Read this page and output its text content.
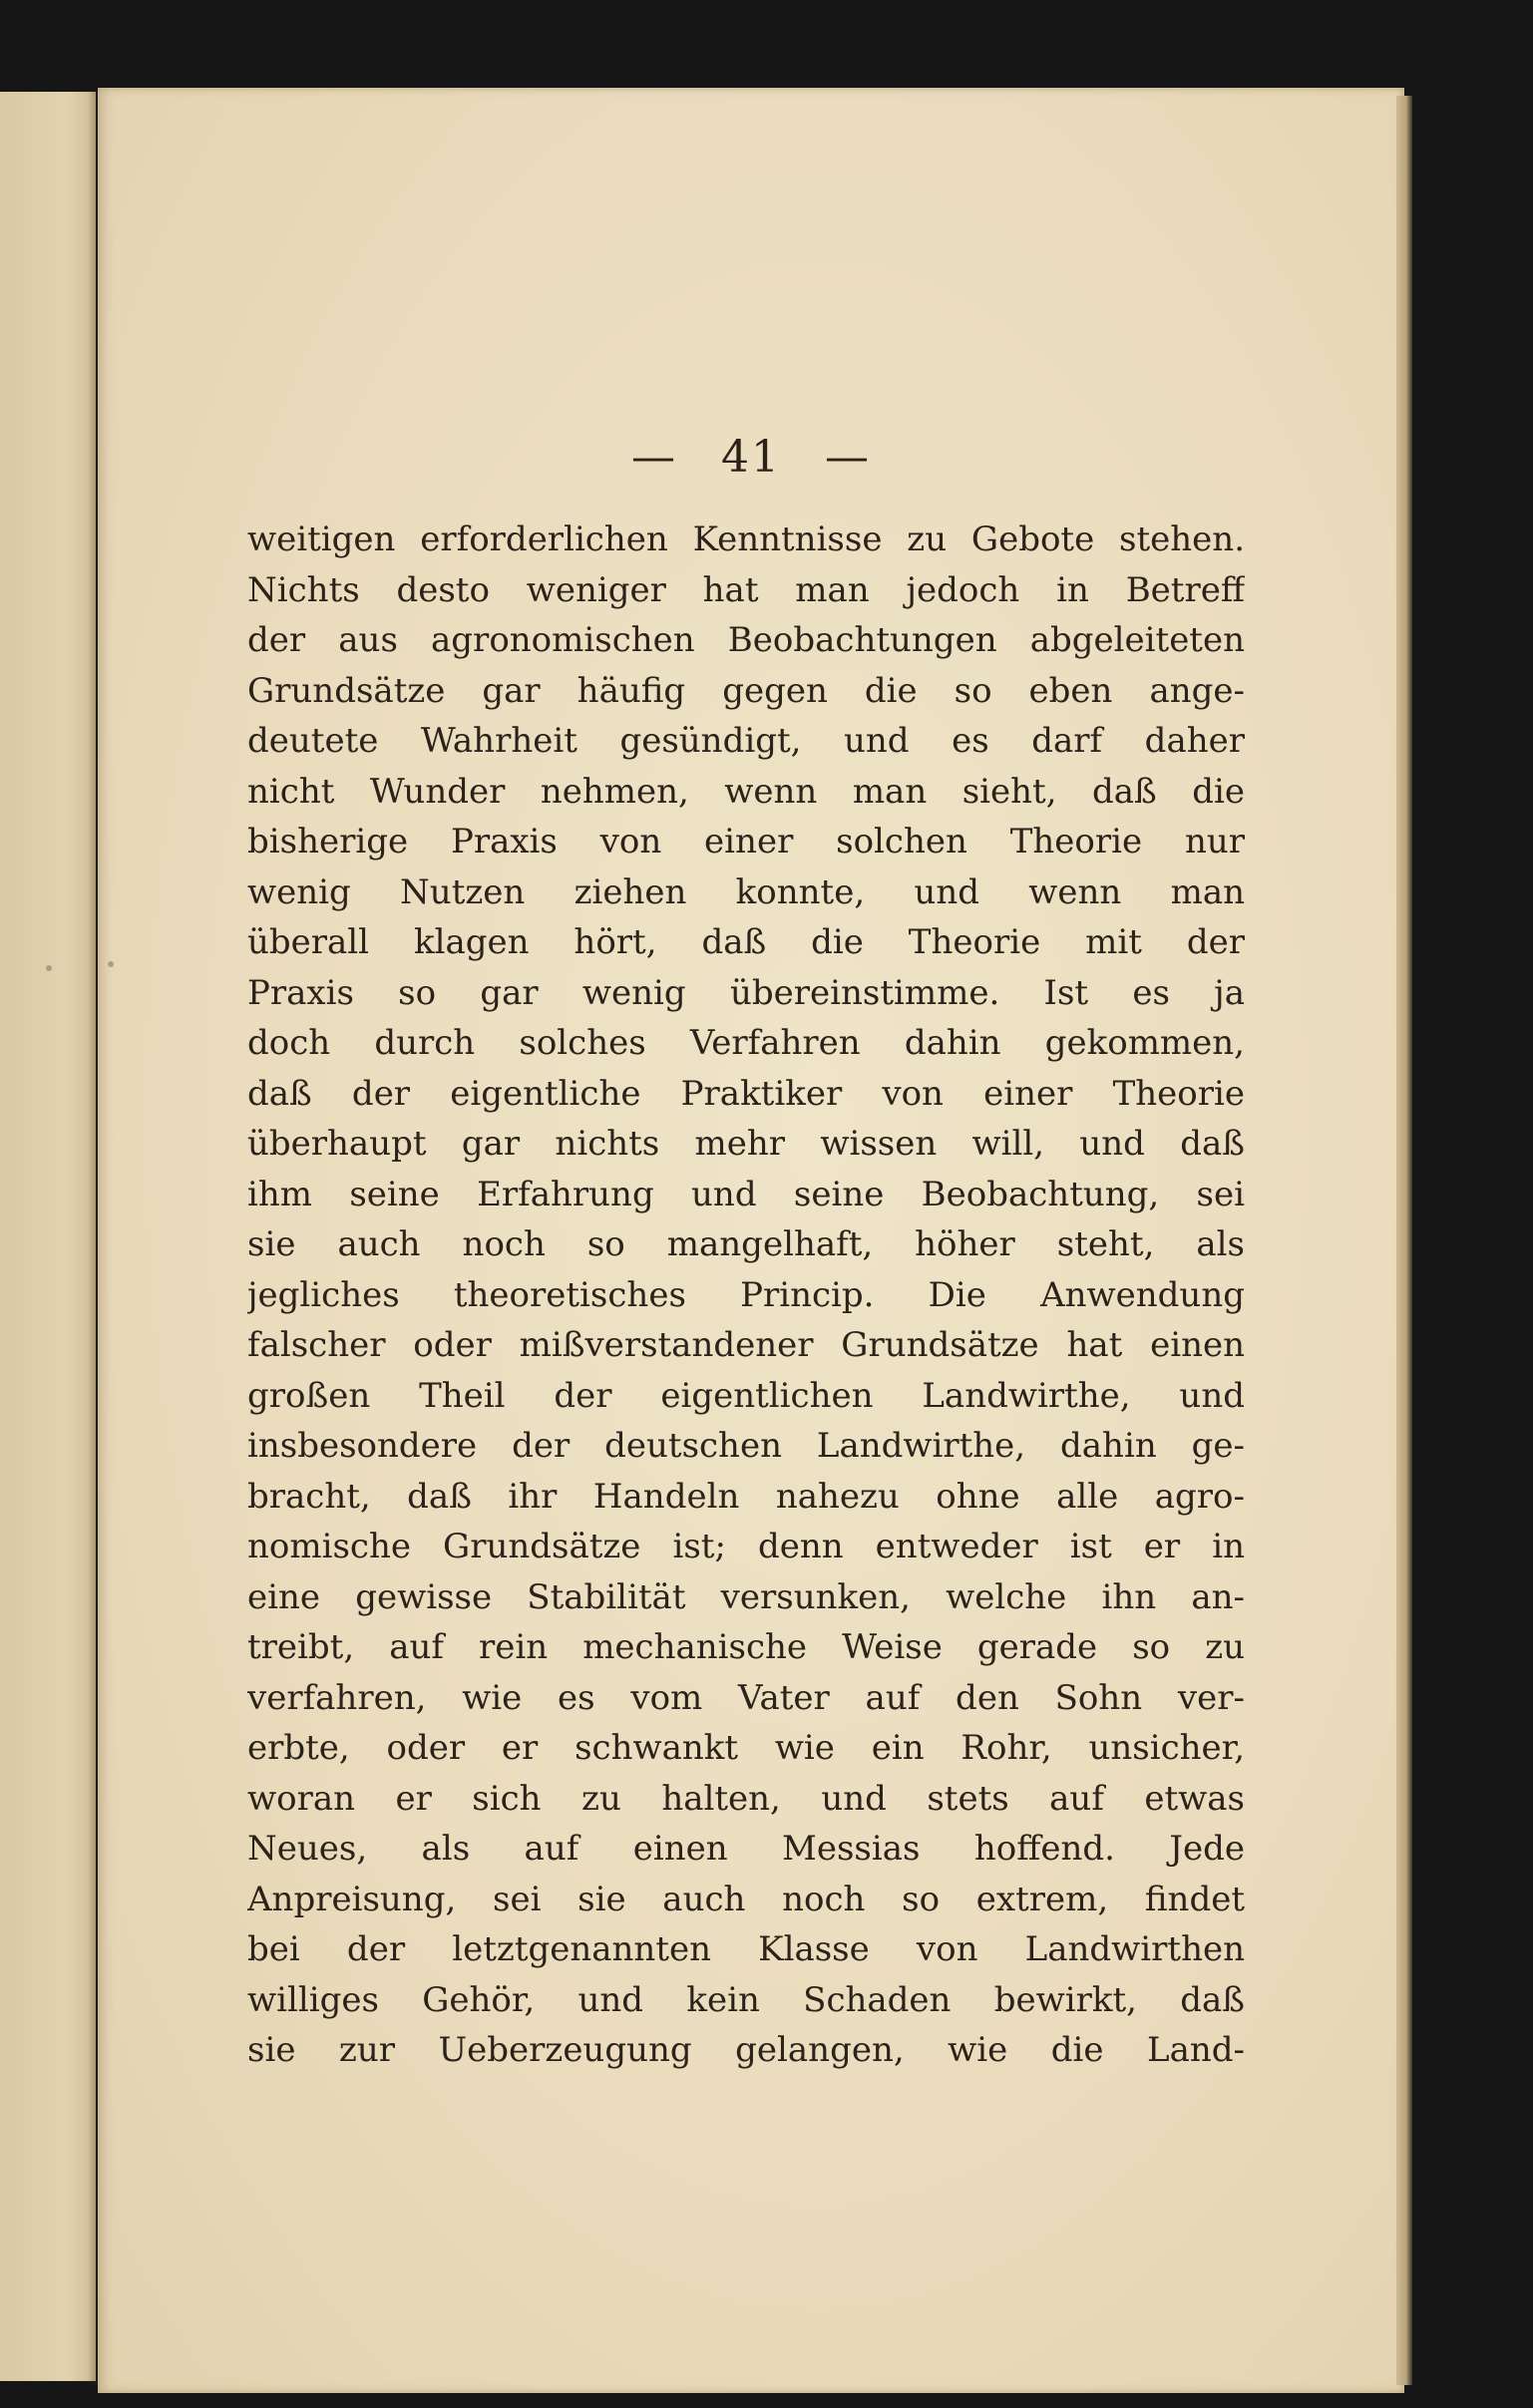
— 41 —
weitigen erforderlichen Kenntnisse zu Gebote stehen.
Nichts desto weniger hat man jedoch in Betreff
der aus agronomischen Beobachtungen abgeleiteten
Grundsätze gar häufig gegen die so eben ange-
deutete Wahrheit gesündigt, und es darf daher
nicht Wunder nehmen, wenn man sieht, daß die
bisherige Praxis von einer solchen Theorie nur
wenig Nutzen ziehen konnte, und wenn man
überall klagen hört, daß die Theorie mit der
Praxis so gar wenig übereinstimme. Ist es ja
doch durch solches Verfahren dahin gekommen,
daß der eigentliche Praktiker von einer Theorie
überhaupt gar nichts mehr wissen will, und daß
ihm seine Erfahrung und seine Beobachtung, sei
sie auch noch so mangelhaft, höher steht, als
jegliches theoretisches Princip. Die Anwendung
falscher oder mißverstandener Grundsätze hat einen
großen Theil der eigentlichen Landwirthe, und
insbesondere der deutschen Landwirthe, dahin ge-
bracht, daß ihr Handeln nahezu ohne alle agro-
nomische Grundsätze ist; denn entweder ist er in
eine gewisse Stabilität versunken, welche ihn an-
treibt, auf rein mechanische Weise gerade so zu
verfahren, wie es vom Vater auf den Sohn ver-
erbte, oder er schwankt wie ein Rohr, unsicher,
woran er sich zu halten, und stets auf etwas
Neues, als auf einen Messias hoffend. Jede
Anpreisung, sei sie auch noch so extrem, findet
bei der letztgenannten Klasse von Landwirthen
williges Gehör, und kein Schaden bewirkt, daß
sie zur Ueberzeugung gelangen, wie die Land-
